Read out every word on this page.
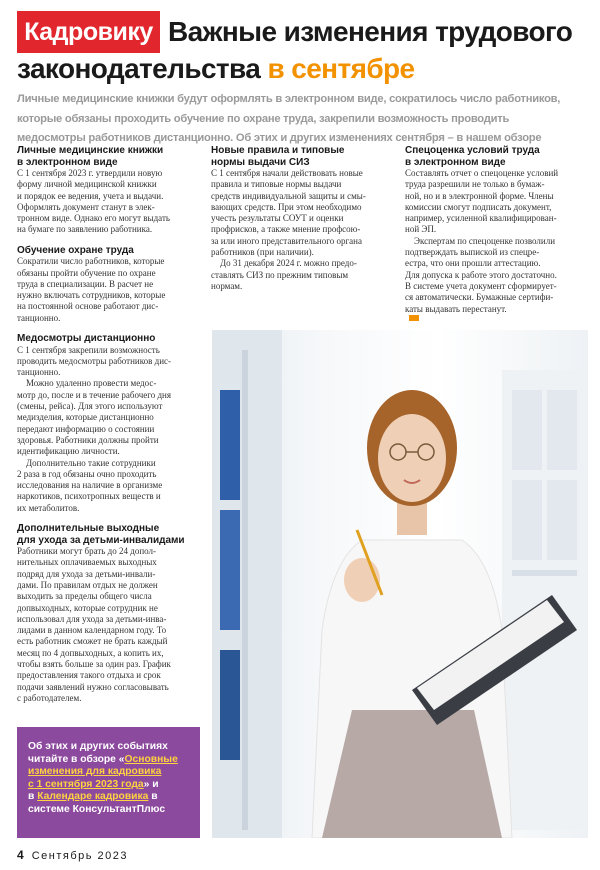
Кадровику Важные изменения трудового
законодательства в сентябре
Личные медицинские книжки будут оформлять в электронном виде, сократилось число работников,
которые обязаны проходить обучение по охране труда, закрепили возможность проводить
медосмотры работников дистанционно. Об этих и других изменениях сентября – в нашем обзоре
Личные медицинские книжки
в электронном виде
С 1 сентября 2023 г. утвердили новую
форму личной медицинской книжки
и порядок ее ведения, учета и выдачи.
Оформлять документ станут в элек-
тронном виде. Однако его могут выдать
на бумаге по заявлению работника.
Обучение охране труда
Сократили число работников, которые
обязаны пройти обучение по охране
труда в специализации. В расчет не
нужно включать сотрудников, которые
на постоянной основе работают дис-
танционно.
Медосмотры дистанционно
С 1 сентября закрепили возможность
проводить медосмотры работников дис-
танционно.
Можно удаленно провести медос-
мотр до, после и в течение рабочего дня
(смены, рейса). Для этого используют
медизделия, которые дистанционно
передают информацию о состоянии
здоровья. Работники должны пройти
идентификацию личности.
Дополнительно такие сотрудники
2 раза в год обязаны очно проходить
исследования на наличие в организме
наркотиков, психотропных веществ и
их метаболитов.
Дополнительные выходные
для ухода за детьми-инвалидами
Работники могут брать до 24 допол-
нительных оплачиваемых выходных
подряд для ухода за детьми-инвали-
дами. По правилам отдых не должен
выходить за пределы общего числа
допвыходных, которые сотрудник не
использовал для ухода за детьми-инва-
лидами в данном календарном году. То
есть работник сможет не брать каждый
месяц по 4 допвыходных, а копить их,
чтобы взять больше за один раз. График
предоставления такого отдыха и срок
подачи заявлений нужно согласовывать
с работодателем.
Новые правила и типовые
нормы выдачи СИЗ
С 1 сентября начали действовать новые
правила и типовые нормы выдачи
средств индивидуальной защиты и смы-
вающих средств. При этом необходимо
учесть результаты СОУТ и оценки
профрисков, а также мнение профсою-
за или иного представительного органа
работников (при наличии).
До 31 декабря 2024 г. можно предо-
ставлять СИЗ по прежним типовым
нормам.
Спецоценка условий труда
в электронном виде
Составлять отчет о спецоценке условий
труда разрешили не только в бумаж-
ной, но и в электронной форме. Члены
комиссии смогут подписать документ,
например, усиленной квалифицирован-
ной ЭП.
Экспертам по спецоценке позволили
подтверждать выпиской из спецре-
естра, что они прошли аттестацию.
Для допуска к работе этого достаточно.
В системе учета документ сформирует-
ся автоматически. Бумажные сертифи-
каты выдавать перестанут.
Об этих и других событиях
читайте в обзоре «Основные
изменения для кадровика
с 1 сентября 2023 года» и
в Календаре кадровика в
системе КонсультантПлюс
4 Сентябрь 2023
